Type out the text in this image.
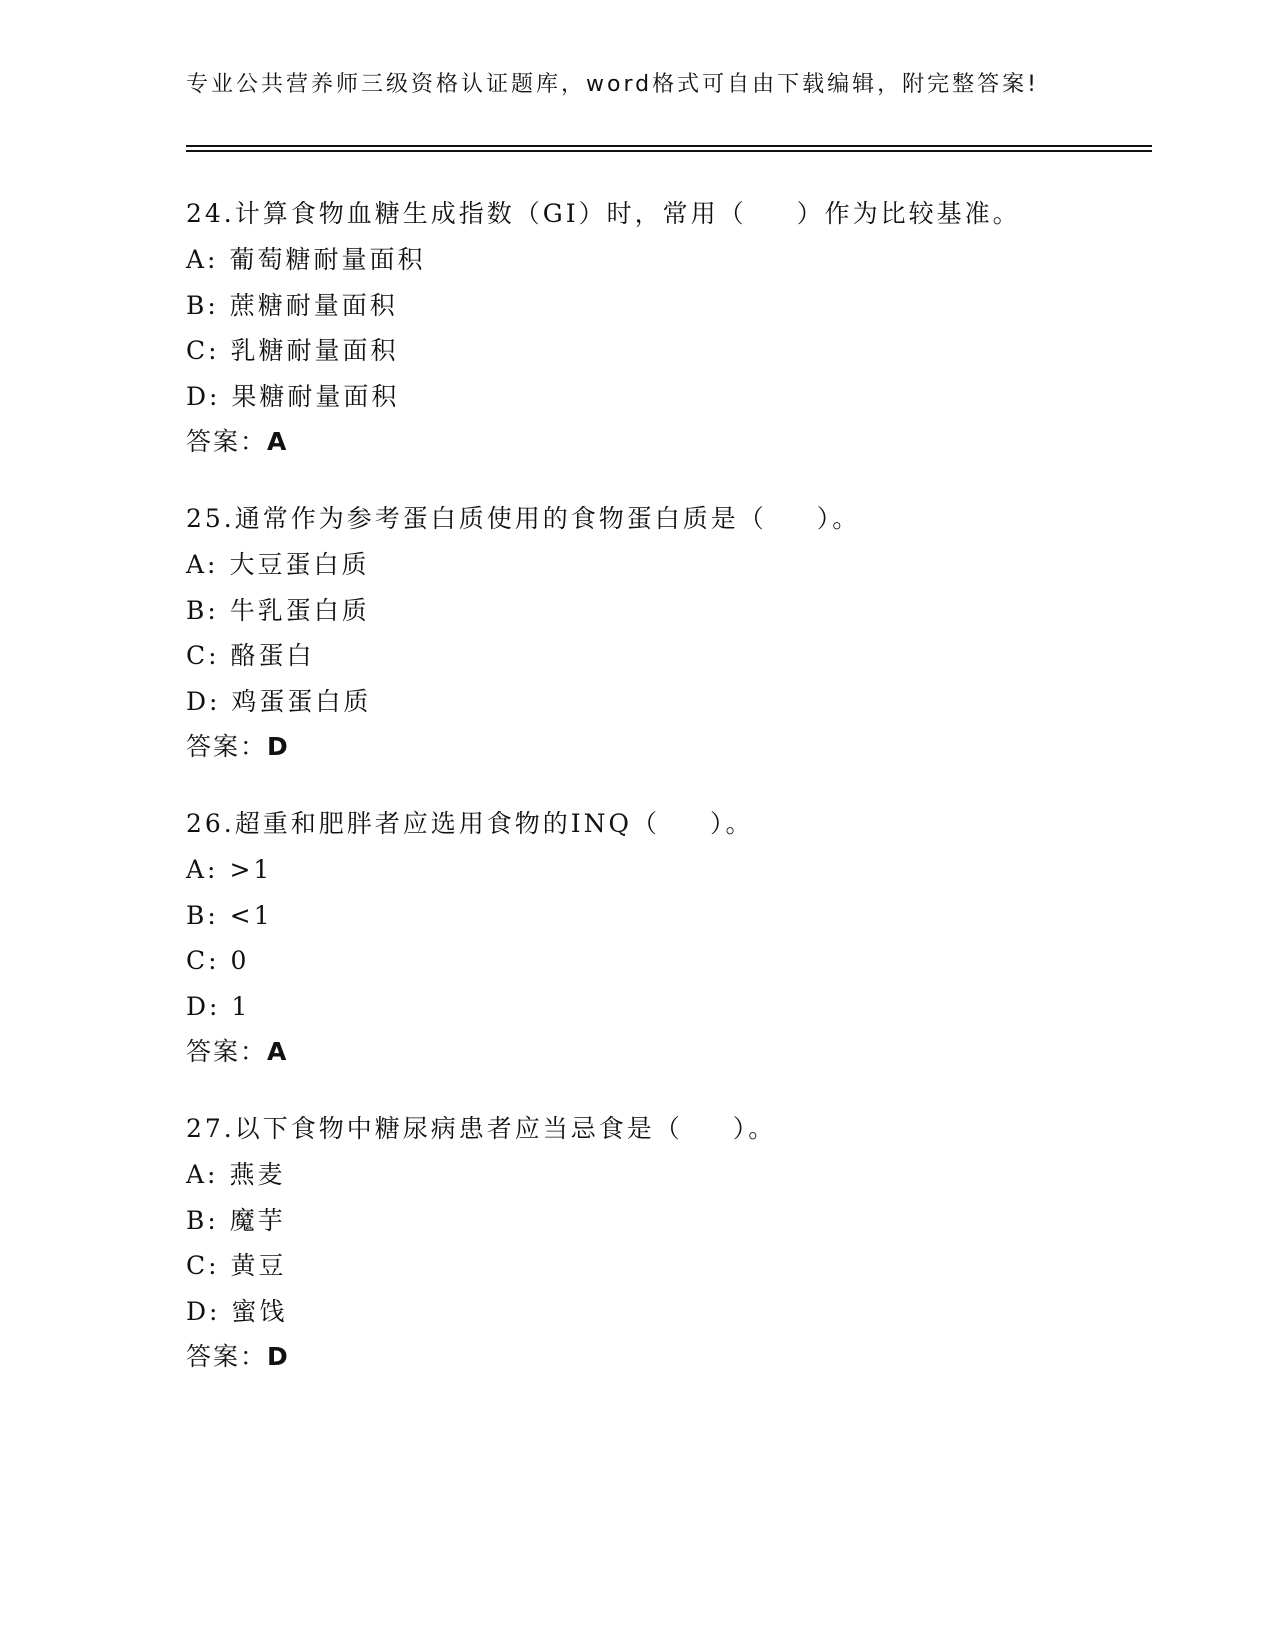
专业公共营养师三级资格认证题库，word格式可自由下载编辑，附完整答案!
24.计算食物血糖生成指数（GI）时，常用（ ）作为比较基准。
A: 葡萄糖耐量面积
B: 蔗糖耐量面积
C: 乳糖耐量面积
D: 果糖耐量面积
答案：A
25.通常作为参考蛋白质使用的食物蛋白质是（ ）。
A: 大豆蛋白质
B: 牛乳蛋白质
C: 酪蛋白
D: 鸡蛋蛋白质
答案：D
26.超重和肥胖者应选用食物的INQ（ ）。
A: >1
B: <1
C: 0
D: 1
答案：A
27.以下食物中糖尿病患者应当忌食是（ ）。
A: 燕麦
B: 魔芋
C: 黄豆
D: 蜜饯
答案：D
